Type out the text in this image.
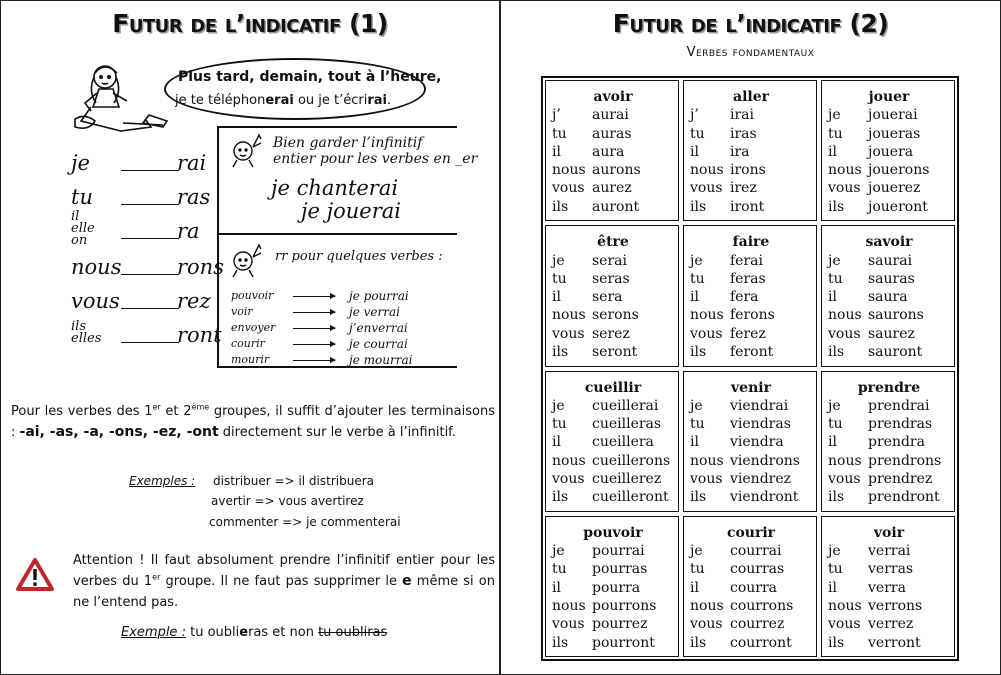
Futur de l’indicatif (1)
Plus tard, demain, tout à l’heure,
je te téléphonerai ou je t’écrirai.
je	rai
tu	ras
il
elle
on	ra
nous	rons
vous	rez
ils
elles	ront
Bien garder l’infinitif
entier pour les verbes en _er
je chanterai
je jouerai
rr pour quelques verbes :
pouvoir	je pourrai
voir	je verrai
envoyer	j’enverrai
courir	je courrai
mourir	je mourrai
Pour les verbes des 1er et 2ème groupes, il suffit d’ajouter les terminaisons : -ai, -as, -a, -ons, -ez, -ont directement sur le verbe à l’infinitif.
Exemples : distribuer => il distribuera
avertir => vous avertirez
commenter => je commenterai
Attention ! Il faut absolument prendre l’infinitif entier pour les verbes du 1er groupe. Il ne faut pas supprimer le e même si on ne l’entend pas.
Exemple : tu oublieras et non tu oubliras
Futur de l’indicatif (2)
Verbes fondamentaux
avoir
j’	aurai
tu	auras
il	aura
nous aurons
vous aurez
ils	auront
aller
j’	irai
tu	iras
il	ira
nous irons
vous irez
ils	iront
jouer
je	jouerai
tu	joueras
il	jouera
nous jouerons
vous jouerez
ils	joueront
être
je	serai
tu	seras
il	sera
nous serons
vous serez
ils	seront
faire
je	ferai
tu	feras
il	fera
nous ferons
vous ferez
ils	feront
savoir
je	saurai
tu	sauras
il	saura
nous saurons
vous saurez
ils	sauront
cueillir
je	cueillerai
tu	cueilleras
il	cueillera
nous cueillerons
vous cueillerez
ils	cueilleront
venir
je	viendrai
tu	viendras
il	viendra
nous viendrons
vous viendrez
ils	viendront
prendre
je	prendrai
tu	prendras
il	prendra
nous prendrons
vous prendrez
ils	prendront
pouvoir
je	pourrai
tu	pourras
il	pourra
nous pourrons
vous pourrez
ils	pourront
courir
je	courrai
tu	courras
il	courra
nous courrons
vous courrez
ils	courront
voir
je	verrai
tu	verras
il	verra
nous verrons
vous verrez
ils	verront
